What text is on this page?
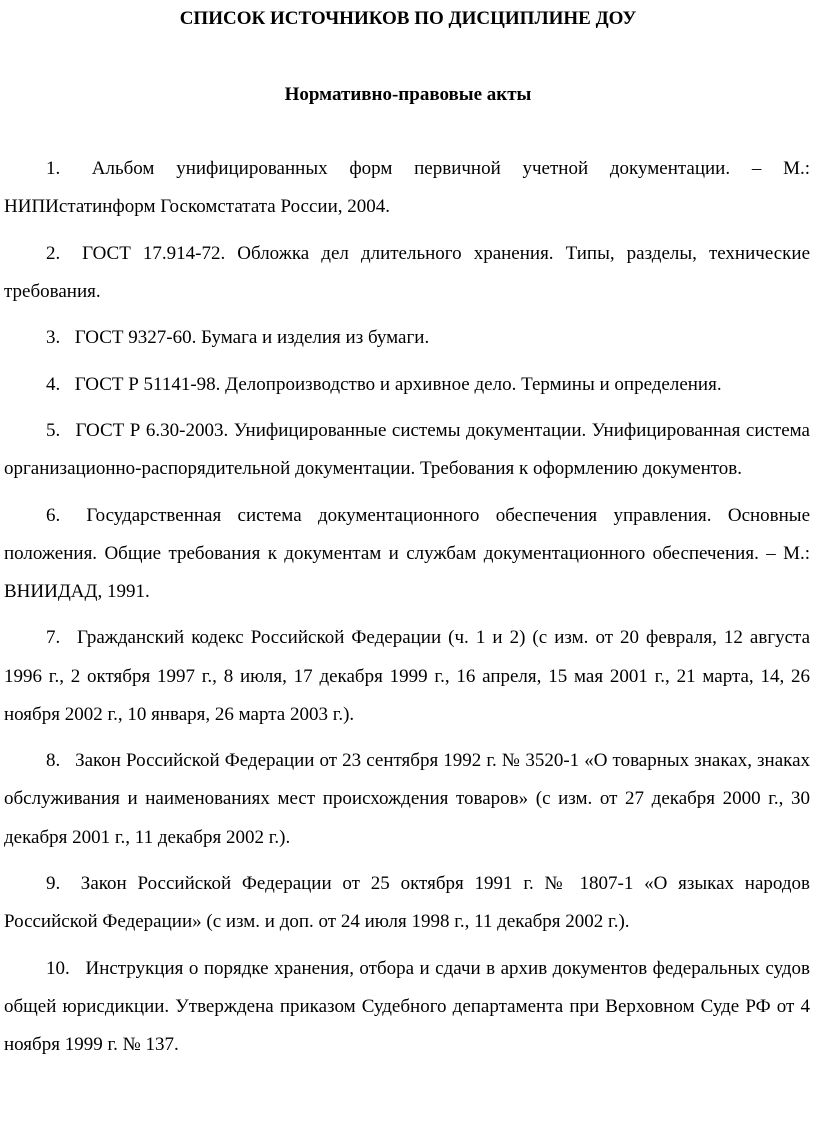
СПИСОК ИСТОЧНИКОВ ПО ДИСЦИПЛИНЕ ДОУ
Нормативно-правовые акты
1. Альбом унифицированных форм первичной учетной документации. – М.: НИПИстатинформ Госкомстатата России, 2004.
2. ГОСТ 17.914-72. Обложка дел длительного хранения. Типы, разделы, технические требования.
3. ГОСТ 9327-60. Бумага и изделия из бумаги.
4. ГОСТ Р 51141-98. Делопроизводство и архивное дело. Термины и определения.
5. ГОСТ Р 6.30-2003. Унифицированные системы документации. Унифицированная система организационно-распорядительной документации. Требования к оформлению документов.
6. Государственная система документационного обеспечения управления. Основные положения. Общие требования к документам и службам документационного обеспечения. – М.: ВНИИДАД, 1991.
7. Гражданский кодекс Российской Федерации (ч. 1 и 2) (с изм. от 20 февраля, 12 августа 1996 г., 2 октября 1997 г., 8 июля, 17 декабря 1999 г., 16 апреля, 15 мая 2001 г., 21 марта, 14, 26 ноября 2002 г., 10 января, 26 марта 2003 г.).
8. Закон Российской Федерации от 23 сентября 1992 г. № 3520-1 «О товарных знаках, знаках обслуживания и наименованиях мест происхождения товаров» (с изм. от 27 декабря 2000 г., 30 декабря 2001 г., 11 декабря 2002 г.).
9. Закон Российской Федерации от 25 октября 1991 г. № 1807-1 «О языках народов Российской Федерации» (с изм. и доп. от 24 июля 1998 г., 11 декабря 2002 г.).
10. Инструкция о порядке хранения, отбора и сдачи в архив документов федеральных судов общей юрисдикции. Утверждена приказом Судебного департамента при Верховном Суде РФ от 4 ноября 1999 г. № 137.
